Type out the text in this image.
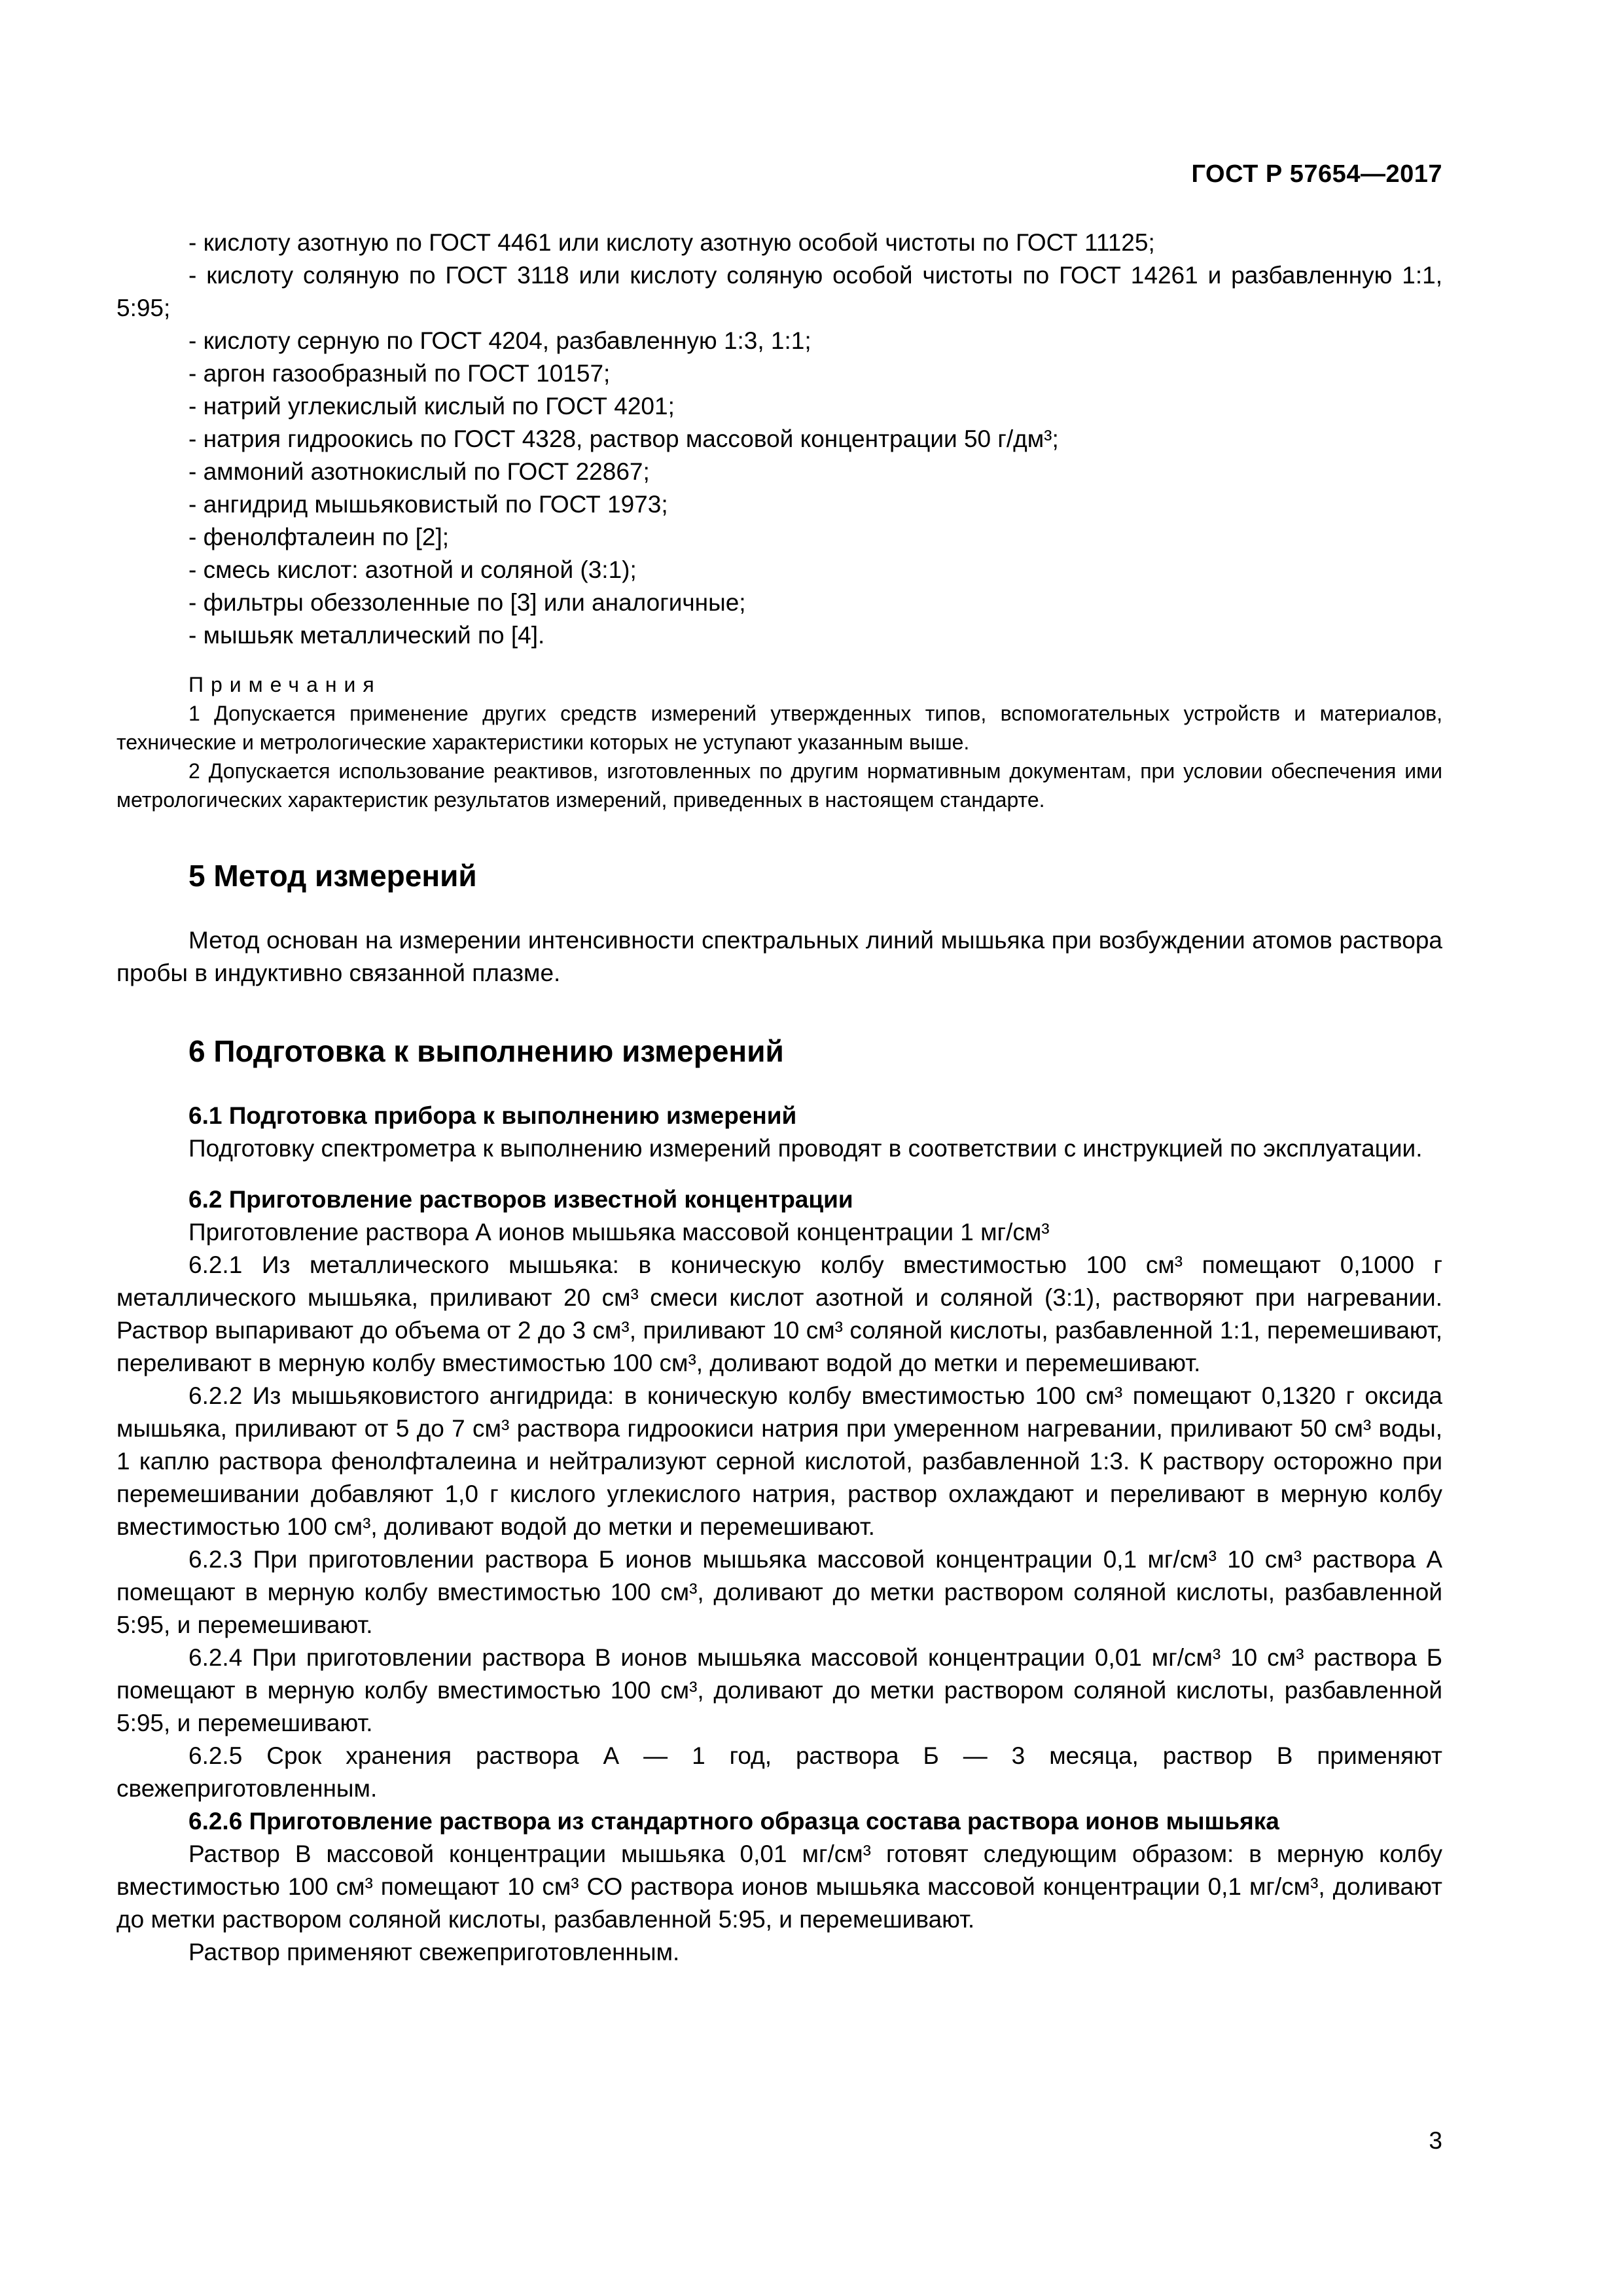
ГОСТ Р 57654—2017
- кислоту азотную по ГОСТ 4461 или кислоту азотную особой чистоты по ГОСТ 11125;
- кислоту соляную по ГОСТ 3118 или кислоту соляную особой чистоты по ГОСТ 14261 и разбавленную 1:1, 5:95;
- кислоту серную по ГОСТ 4204, разбавленную 1:3, 1:1;
- аргон газообразный по ГОСТ 10157;
- натрий углекислый кислый по ГОСТ 4201;
- натрия гидроокись по ГОСТ 4328, раствор массовой концентрации 50 г/дм³;
- аммоний азотнокислый по ГОСТ 22867;
- ангидрид мышьяковистый по ГОСТ 1973;
- фенолфталеин по [2];
- смесь кислот: азотной и соляной (3:1);
- фильтры обеззоленные по [3] или аналогичные;
- мышьяк металлический по [4].
Примечания

1 Допускается применение других средств измерений утвержденных типов, вспомогательных устройств и материалов, технические и метрологические характеристики которых не уступают указанным выше.

2 Допускается использование реактивов, изготовленных по другим нормативным документам, при условии обеспечения ими метрологических характеристик результатов измерений, приведенных в настоящем стандарте.

5 Метод измерений

Метод основан на измерении интенсивности спектральных линий мышьяка при возбуждении атомов раствора пробы в индуктивно связанной плазме.

6 Подготовка к выполнению измерений
6.1 Подготовка прибора к выполнению измерений

Подготовку спектрометра к выполнению измерений проводят в соответствии с инструкцией по эксплуатации.

6.2 Приготовление растворов известной концентрации

Приготовление раствора А ионов мышьяка массовой концентрации 1 мг/см³

6.2.1 Из металлического мышьяка: в коническую колбу вместимостью 100 см³ помещают 0,1000 г металлического мышьяка, приливают 20 см³ смеси кислот азотной и соляной (3:1), растворяют при нагревании. Раствор выпаривают до объема от 2 до 3 см³, приливают 10 см³ соляной кислоты, разбавленной 1:1, перемешивают, переливают в мерную колбу вместимостью 100 см³, доливают водой до метки и перемешивают.

6.2.2 Из мышьяковистого ангидрида: в коническую колбу вместимостью 100 см³ помещают 0,1320 г оксида мышьяка, приливают от 5 до 7 см³ раствора гидроокиси натрия при умеренном нагревании, приливают 50 см³ воды, 1 каплю раствора фенолфталеина и нейтрализуют серной кислотой, разбавленной 1:3. К раствору осторожно при перемешивании добавляют 1,0 г кислого углекислого натрия, раствор охлаждают и переливают в мерную колбу вместимостью 100 см³, доливают водой до метки и перемешивают.

6.2.3 При приготовлении раствора Б ионов мышьяка массовой концентрации 0,1 мг/см³ 10 см³ раствора А помещают в мерную колбу вместимостью 100 см³, доливают до метки раствором соляной кислоты, разбавленной 5:95, и перемешивают.

6.2.4 При приготовлении раствора В ионов мышьяка массовой концентрации 0,01 мг/см³ 10 см³ раствора Б помещают в мерную колбу вместимостью 100 см³, доливают до метки раствором соляной кислоты, разбавленной 5:95, и перемешивают.

6.2.5 Срок хранения раствора А — 1 год, раствора Б — 3 месяца, раствор В применяют свежеприготовленным.

6.2.6 Приготовление раствора из стандартного образца состава раствора ионов мышьяка

Раствор В массовой концентрации мышьяка 0,01 мг/см³ готовят следующим образом: в мерную колбу вместимостью 100 см³ помещают 10 см³ СО раствора ионов мышьяка массовой концентрации 0,1 мг/см³, доливают до метки раствором соляной кислоты, разбавленной 5:95, и перемешивают.

Раствор применяют свежеприготовленным.

3
